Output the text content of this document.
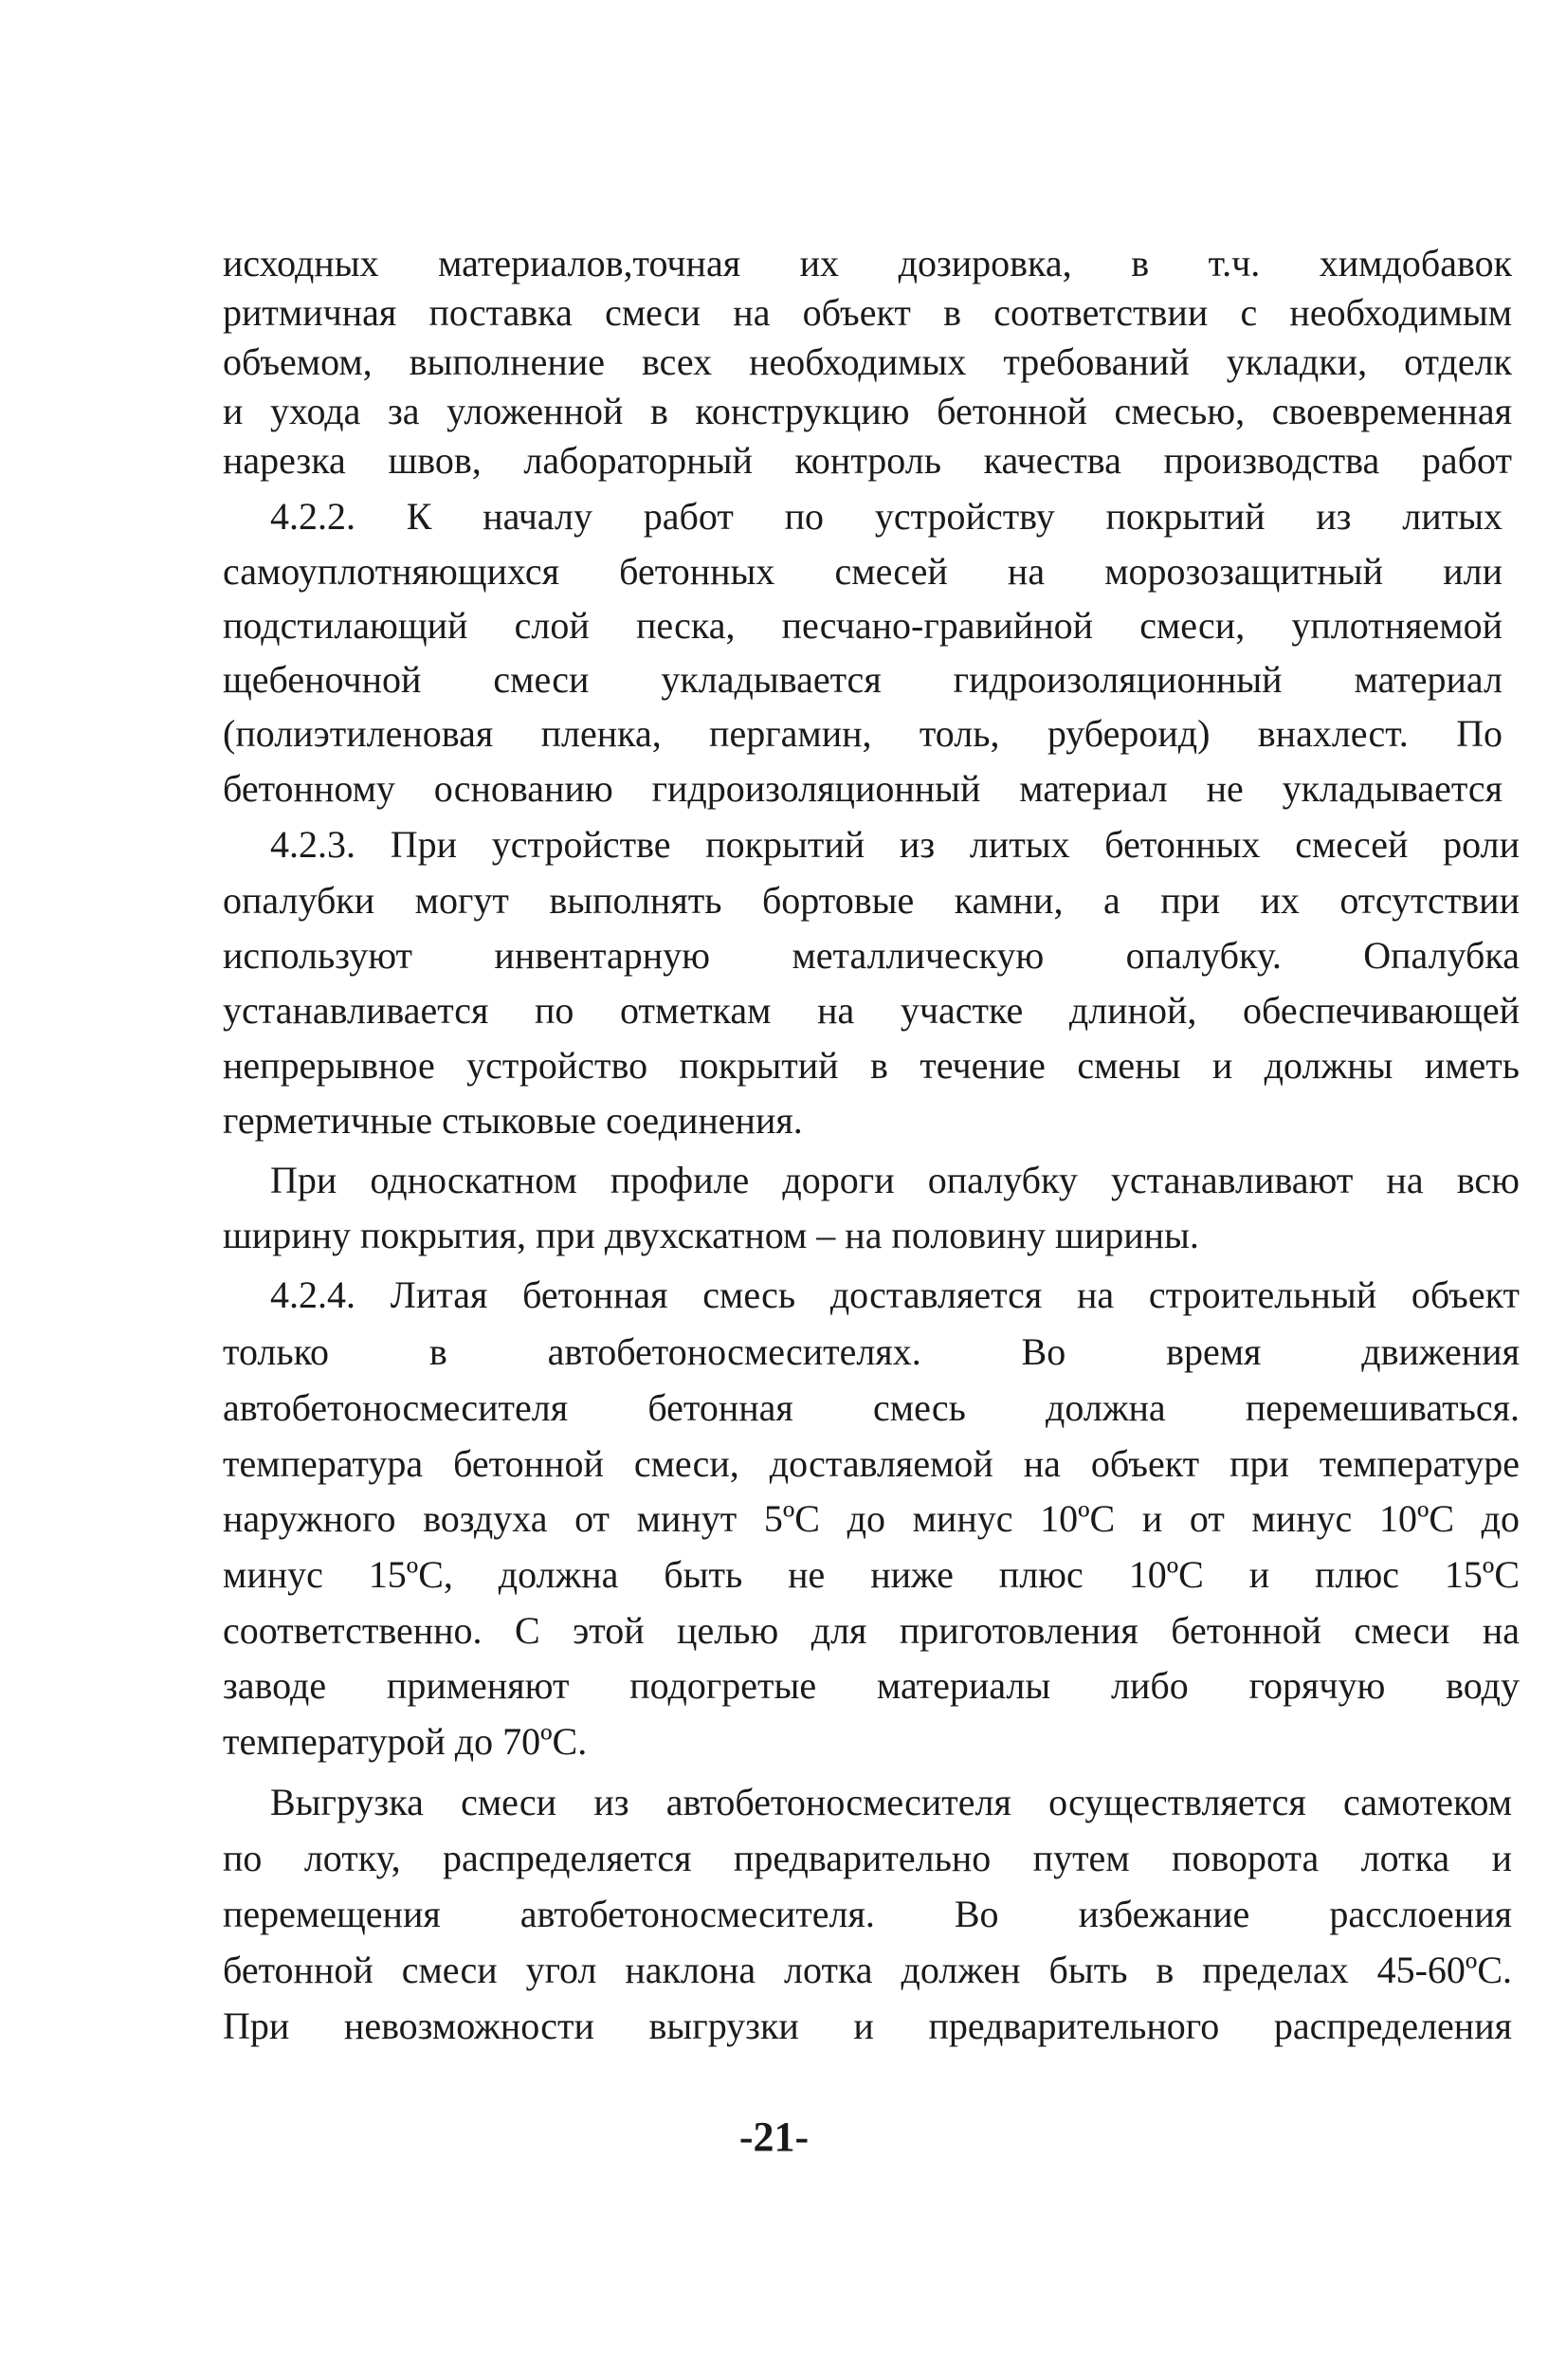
исходных материалов,точная их дозировка, в т.ч. химдобавок
ритмичная поставка смеси на объект в соответствии с необходимым
объемом, выполнение всех необходимых требований укладки, отделк
и ухода за уложенной в конструкцию бетонной смесью, своевременная
нарезка швов, лабораторный контроль качества производства работ
4.2.2. К началу работ по устройству покрытий из литых
самоуплотняющихся бетонных смесей на морозозащитный или
подстилающий слой песка, песчано-гравийной смеси, уплотняемой
щебеночной смеси укладывается гидроизоляционный материал
(полиэтиленовая пленка, пергамин, толь, рубероид) внахлест. По
бетонному основанию гидроизоляционный материал не укладывается
4.2.3. При устройстве покрытий из литых бетонных смесей роли
опалубки могут выполнять бортовые камни, а при их отсутствии
используют инвентарную металлическую опалубку. Опалубка
устанавливается по отметкам на участке длиной, обеспечивающей
непрерывное устройство покрытий в течение смены и должны иметь
герметичные стыковые соединения.
При односкатном профиле дороги опалубку устанавливают на всю
ширину покрытия, при двухскатном – на половину ширины.
4.2.4. Литая бетонная смесь доставляется на строительный объект
только в автобетоносмесителях. Во время движения
автобетоносмесителя бетонная смесь должна перемешиваться.
температура бетонной смеси, доставляемой на объект при температуре
наружного воздуха от минут 5ºС до минус 10ºС и от минус 10ºС до
минус 15ºС, должна быть не ниже плюс 10ºС и плюс 15ºС
соответственно. С этой целью для приготовления бетонной смеси на
заводе применяют подогретые материалы либо горячую воду
температурой до 70ºС.
Выгрузка смеси из автобетоносмесителя осуществляется самотеком
по лотку, распределяется предварительно путем поворота лотка и
перемещения автобетоносмесителя. Во избежание расслоения
бетонной смеси угол наклона лотка должен быть в пределах 45-60ºС.
При невозможности выгрузки и предварительного распределения
-21-
